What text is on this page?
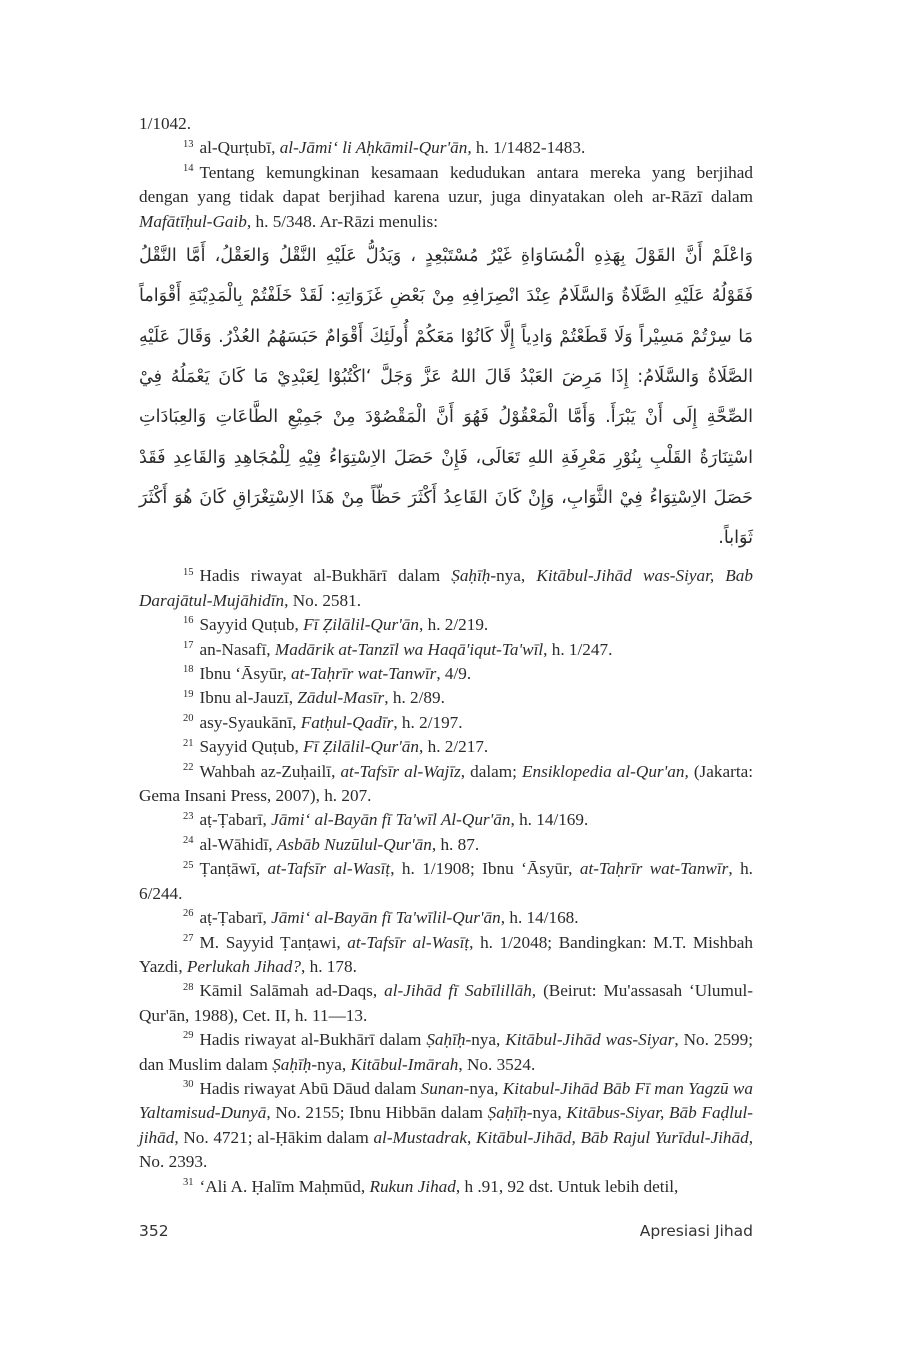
1/1042.

$^{13}$ al-Qurṭubī, al-Jāmi‘ li Aḥkāmil-Qur'ān, h. 1/1482-1483.

$^{14}$ Tentang kemungkinan kesamaan kedudukan antara mereka yang berjihad dengan yang tidak dapat berjihad karena uzur, juga dinyatakan oleh ar-Rāzī dalam Mafātīḥul-Gaib, h. 5/348. Ar-Rāzi menulis:

وَاعْلَمْ أَنَّ القَوْلَ بِهَذِهِ الْمُسَاوَاةِ غَيْرُ مُسْتَبْعِدٍ ، وَيَدُلُّ عَلَيْهِ النَّقْلُ وَالعَقْلُ، أَمَّا النَّقْلُ فَقَوْلُهُ عَلَيْهِ الصَّلَاةُ وَالسَّلَامُ عِنْدَ انْصِرَافِهِ مِنْ بَعْضِ غَزَوَاتِهِ: لَقَدْ خَلَفْتُمْ بِالْمَدِيْنَةِ أَقْوَاماً مَا سِرْتُمْ مَسِيْراً وَلَا قَطَعْتُمْ وَادِياً إِلَّا كَانُوْا مَعَكُمْ أُولَئِكَ أَقْوَامٌ حَبَسَهُمُ العُذْرُ. وَقَالَ عَلَيْهِ الصَّلَاةُ وَالسَّلَامُ: إِذَا مَرِضَ العَبْدُ قَالَ اللهُ عَزَّ وَجَلَّ ‘اكْتُبُوْا لِعَبْدِيْ مَا كَانَ يَعْمَلُهُ فِيْ الصِّحَّةِ إِلَى أَنْ يَبْرَأَ. وَأَمَّا الْمَعْقُوْلُ فَهُوَ أَنَّ الْمَقْصُوْدَ مِنْ جَمِيْعِ الطَّاعَاتِ وَالعِبَادَاتِ اسْتِنَارَةُ القَلْبِ بِنُوْرِ مَعْرِفَةِ اللهِ تَعَالَى، فَإِنْ حَصَلَ الاِسْتِوَاءُ فِيْهِ لِلْمُجَاهِدِ وَالقَاعِدِ فَقَدْ حَصَلَ الاِسْتِوَاءُ فِيْ الثَّوَابِ، وَإِنْ كَانَ القَاعِدُ أَكْثَرَ حَظّاً مِنْ هَذَا الاِسْتِغْرَاقِ كَانَ هُوَ أَكْثَرَ ثَوَاباً.

$^{15}$ Hadis riwayat al-Bukhārī dalam Ṣaḥīḥ-nya, Kitābul-Jihād was-Siyar, Bab Darajātul-Mujāhidīn, No. 2581.

$^{16}$ Sayyid Quṭub, Fī Ẓilālil-Qur'ān, h. 2/219.

$^{17}$ an-Nasafī, Madārik at-Tanzīl wa Haqā'iqut-Ta'wīl, h. 1/247.

$^{18}$ Ibnu ‘Āsyūr, at-Taḥrīr wat-Tanwīr, 4/9.

$^{19}$ Ibnu al-Jauzī, Zādul-Masīr, h. 2/89.

$^{20}$ asy-Syaukānī, Fatḥul-Qadīr, h. 2/197.

$^{21}$ Sayyid Quṭub, Fī Ẓilālil-Qur'ān, h. 2/217.

$^{22}$ Wahbah az-Zuḥailī, at-Tafsīr al-Wajīz, dalam; Ensiklopedia al-Qur'an, (Jakarta: Gema Insani Press, 2007), h. 207.

$^{23}$ aṭ-Ṭabarī, Jāmi‘ al-Bayān fī Ta'wīl Al-Qur'ān, h. 14/169.

$^{24}$ al-Wāhidī, Asbāb Nuzūlul-Qur'ān, h. 87.

$^{25}$ Ṭanṭāwī, at-Tafsīr al-Wasīṭ, h. 1/1908; Ibnu ‘Āsyūr, at-Taḥrīr wat-Tanwīr, h. 6/244.

$^{26}$ aṭ-Ṭabarī, Jāmi‘ al-Bayān fī Ta'wīlil-Qur'ān, h. 14/168.

$^{27}$ M. Sayyid Ṭanṭawi, at-Tafsīr al-Wasīṭ, h. 1/2048; Bandingkan: M.T. Mishbah Yazdi, Perlukah Jihad?, h. 178.

$^{28}$ Kāmil Salāmah ad-Daqs, al-Jihād fī Sabīlillāh, (Beirut: Mu'assasah ‘Ulumul-Qur'ān, 1988), Cet. II, h. 11—13.

$^{29}$ Hadis riwayat al-Bukhārī dalam Ṣaḥīḥ-nya, Kitābul-Jihād was-Siyar, No. 2599; dan Muslim dalam Ṣaḥīḥ-nya, Kitābul-Imārah, No. 3524.

$^{30}$ Hadis riwayat Abū Dāud dalam Sunan-nya, Kitabul-Jihād Bāb Fī man Yagzū wa Yaltamisud-Dunyā, No. 2155; Ibnu Hibbān dalam Ṣaḥīḥ-nya, Kitābus-Siyar, Bāb Faḍlul-jihād, No. 4721; al-Ḥākim dalam al-Mustadrak, Kitābul-Jihād, Bāb Rajul Yurīdul-Jihād, No. 2393.

$^{31}$ ‘Ali A. Ḥalīm Maḥmūd, Rukun Jihad, h .91, 92 dst. Untuk lebih detil,

352	Apresiasi Jihad
